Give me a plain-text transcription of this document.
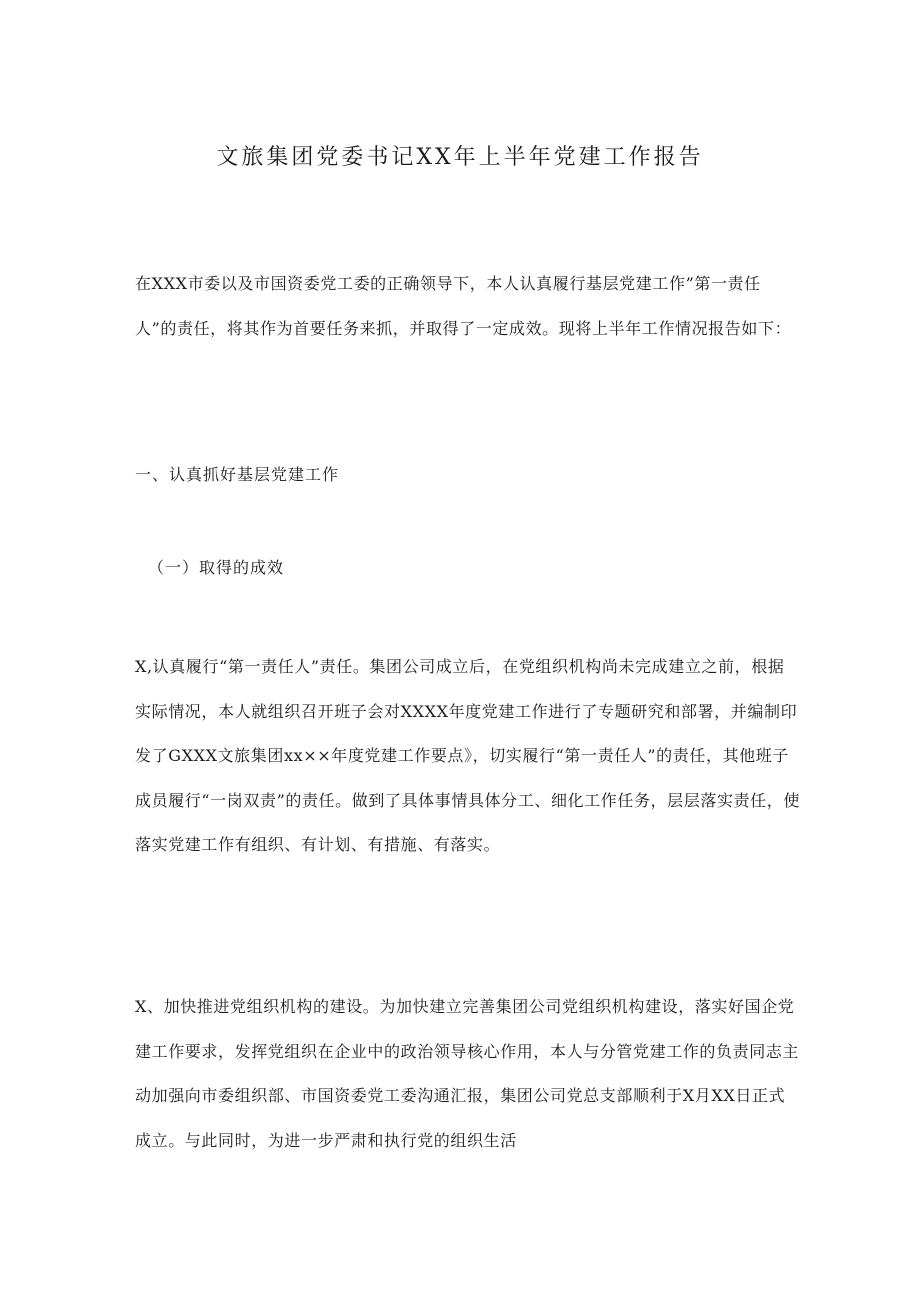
文旅集团党委书记XX年上半年党建工作报告

在XXX市委以及市国资委党工委的正确领导下，本人认真履行基层党建工作”第一责任人”的责任，将其作为首要任务来抓，并取得了一定成效。现将上半年工作情况报告如下：

一、认真抓好基层党建工作
（一）取得的成效

X,认真履行“第一责任人”责任。集团公司成立后，在党组织机构尚未完成建立之前，根据实际情况，本人就组织召开班子会对XXXX年度党建工作进行了专题研究和部署，并编制印发了GXXX文旅集团xx××年度党建工作要点》，切实履行“第一责任人”的责任，其他班子成员履行“一岗双责”的责任。做到了具体事情具体分工、细化工作任务，层层落实责任，使落实党建工作有组织、有计划、有措施、有落实。

X、加快推进党组织机构的建设。为加快建立完善集团公司党组织机构建设，落实好国企党建工作要求，发挥党组织在企业中的政治领导核心作用，本人与分管党建工作的负责同志主动加强向市委组织部、市国资委党工委沟通汇报，集团公司党总支部顺利于X月XX日正式成立。与此同时，为进一步严肃和执行党的组织生活
